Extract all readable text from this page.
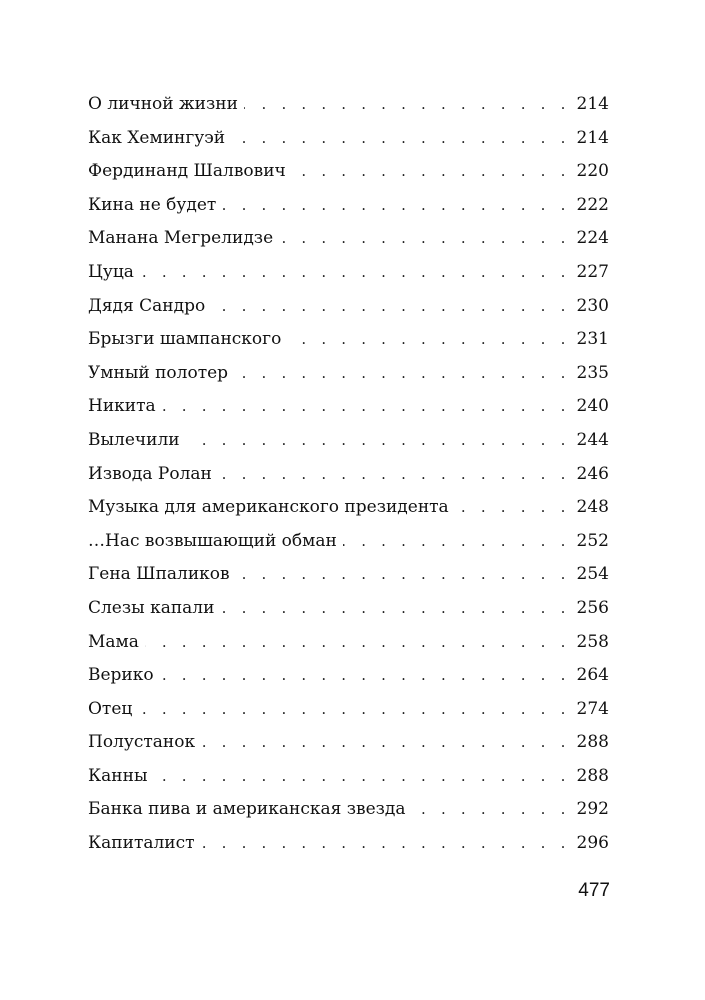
О личной жизни . . .	214
Как Хемингуэй . . .	214
Фердинанд Шалвович . . .	220
Кина не будет . . .	222
Манана Мегрелидзе . . .	224
Цуца . . .	227
Дядя Сандро . . .	230
Брызги шампанского . . .	231
Умный полотер . . .	235
Никита . . .	240
Вылечили . . .	244
Извода Ролан . . .	246
Музыка для американского президента . . .	248
…Нас возвышающий обман . . .	252
Гена Шпаликов . . .	254
Слезы капали . . .	256
Мама . . .	258
Верико . . .	264
Отец . . .	274
Полустанок . . .	288
Канны . . .	288
Банка пива и американская звезда . . .	292
Капиталист . . .	296
477
